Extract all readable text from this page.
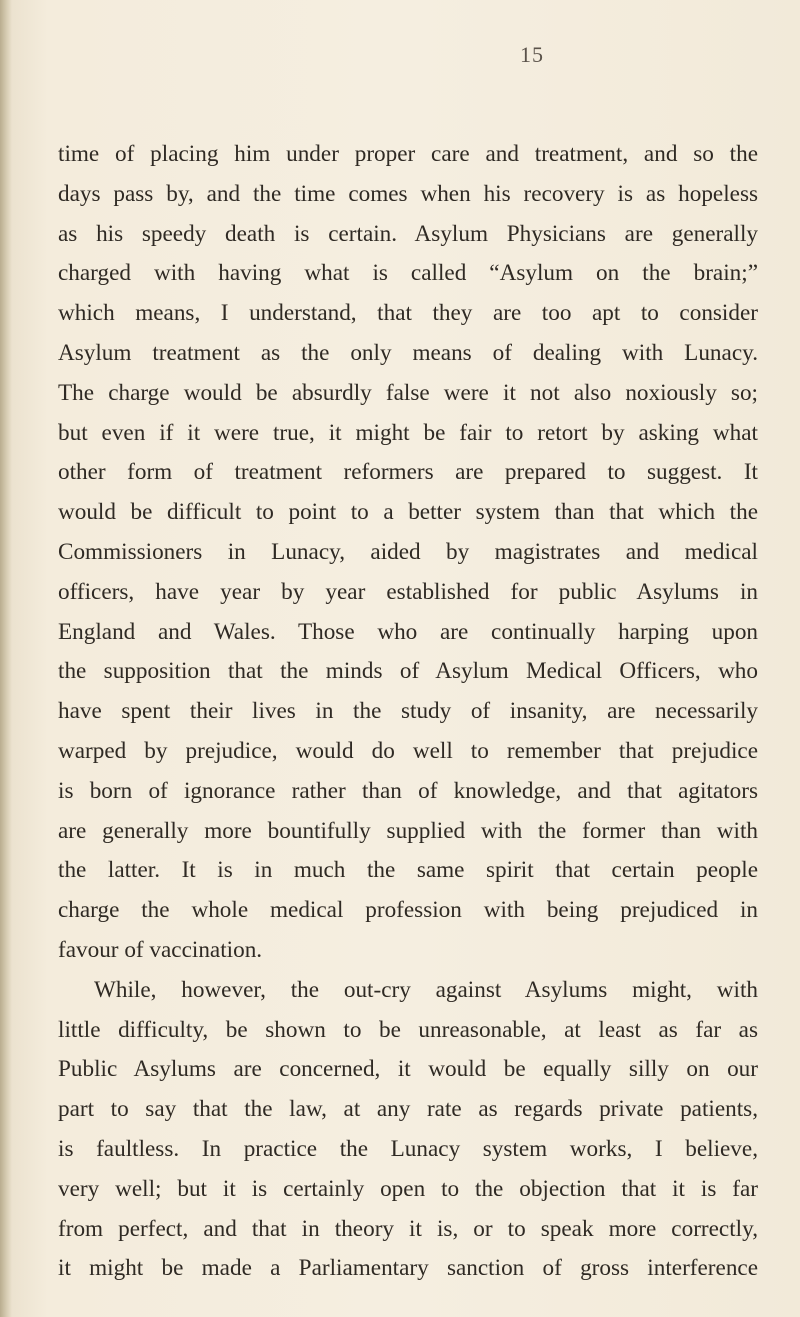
15
time of placing him under proper care and treatment, and so the
days pass by, and the time comes when his recovery is as hopeless
as his speedy death is certain. Asylum Physicians are generally
charged with having what is called “Asylum on the brain;”
which means, I understand, that they are too apt to consider
Asylum treatment as the only means of dealing with Lunacy.
The charge would be absurdly false were it not also noxiously so;
but even if it were true, it might be fair to retort by asking what
other form of treatment reformers are prepared to suggest. It
would be difficult to point to a better system than that which the
Commissioners in Lunacy, aided by magistrates and medical
officers, have year by year established for public Asylums in
England and Wales. Those who are continually harping upon
the supposition that the minds of Asylum Medical Officers, who
have spent their lives in the study of insanity, are necessarily
warped by prejudice, would do well to remember that prejudice
is born of ignorance rather than of knowledge, and that agitators
are generally more bountifully supplied with the former than with
the latter. It is in much the same spirit that certain people
charge the whole medical profession with being prejudiced in
favour of vaccination.
While, however, the out-cry against Asylums might, with
little difficulty, be shown to be unreasonable, at least as far as
Public Asylums are concerned, it would be equally silly on our
part to say that the law, at any rate as regards private patients,
is faultless. In practice the Lunacy system works, I believe,
very well; but it is certainly open to the objection that it is far
from perfect, and that in theory it is, or to speak more correctly,
it might be made a Parliamentary sanction of gross interference
